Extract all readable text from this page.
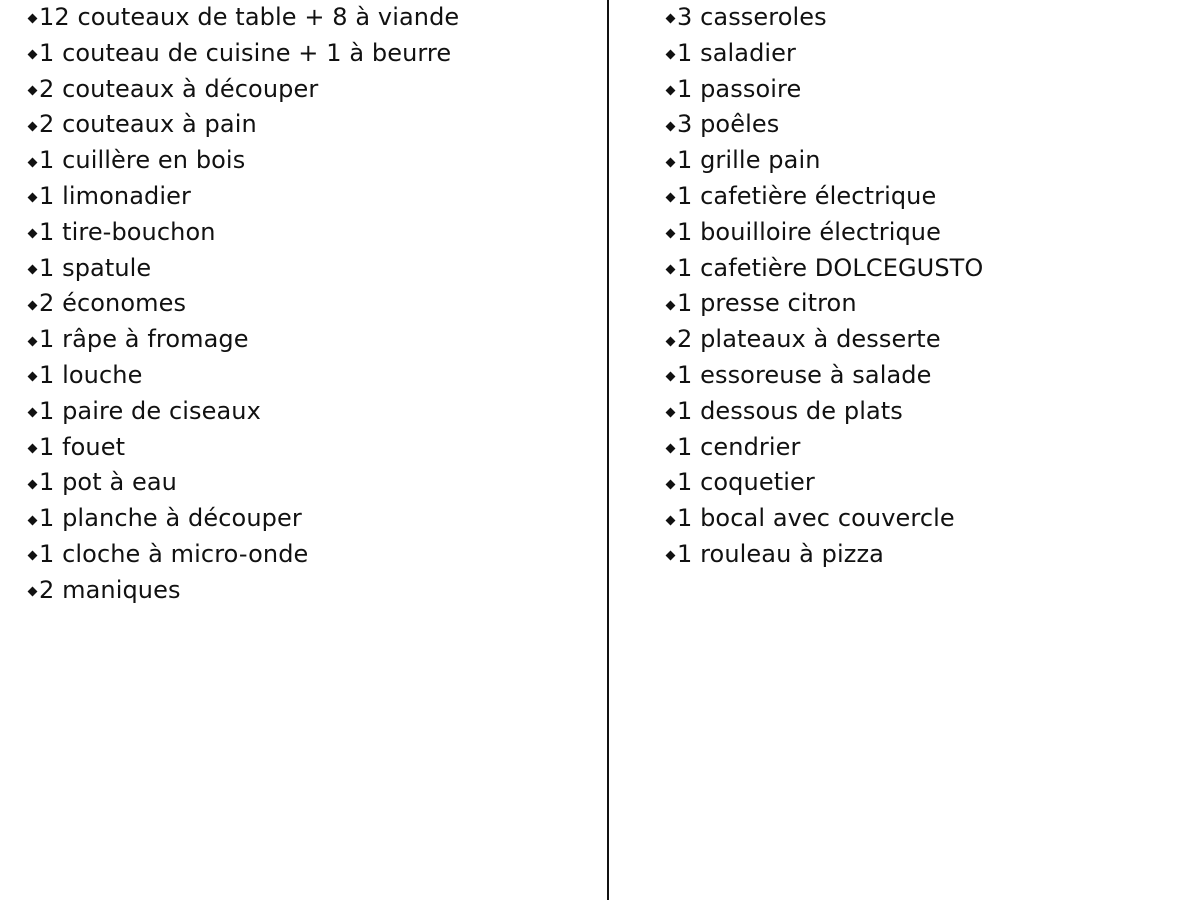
12 couteaux de table + 8 à viande
1 couteau de cuisine + 1 à beurre
2 couteaux à découper
2 couteaux à pain
1 cuillère en bois
1 limonadier
1 tire-bouchon
1 spatule
2 économes
1 râpe à fromage
1 louche
1 paire de ciseaux
1 fouet
1 pot à eau
1 planche à découper
1 cloche à micro-onde
2 maniques
3 casseroles
1 saladier
1 passoire
3 poêles
1 grille pain
1 cafetière électrique
1 bouilloire électrique
1 cafetière DOLCEGUSTO
1 presse citron
2 plateaux à desserte
1 essoreuse à salade
1 dessous de plats
1 cendrier
1 coquetier
1 bocal avec couvercle
1 rouleau à pizza
